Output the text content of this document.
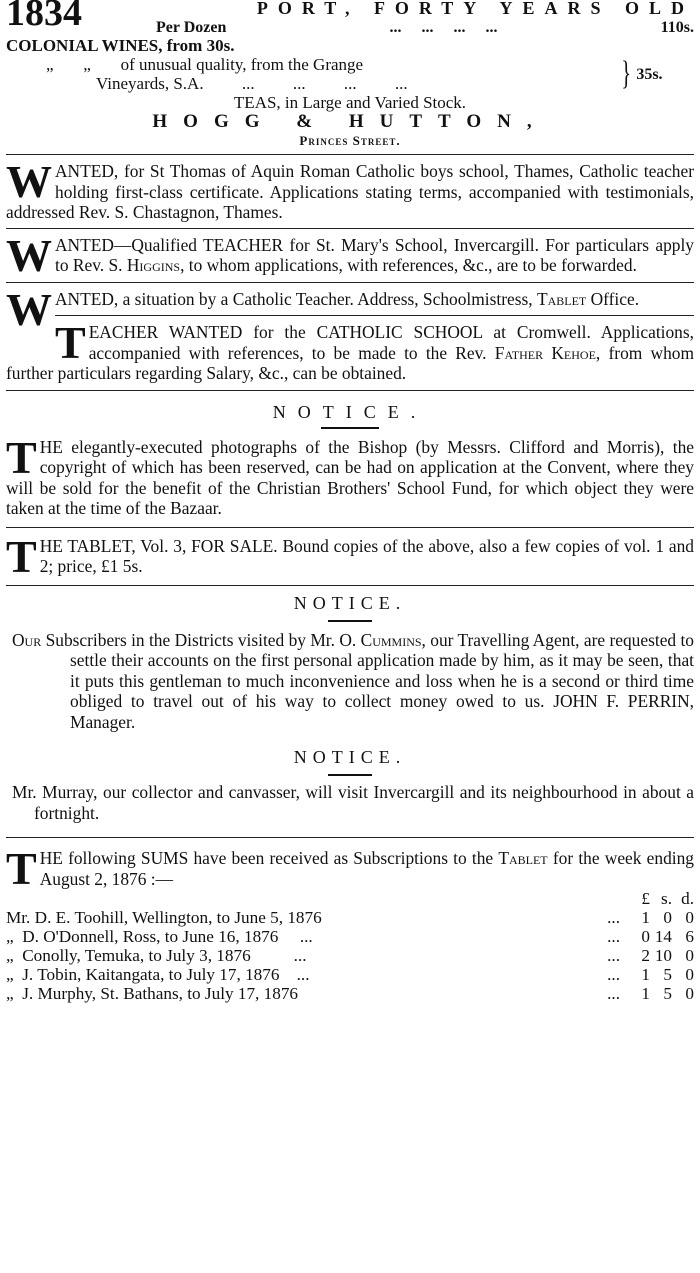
1834	PORT, FORTY YEARS OLD
Per Dozen	...     ...     ...     ...	110s.
COLONIAL WINES, from 30s.
„       „       of unusual quality, from the Grange
Vineyards, S.A.         ...         ...         ...         ...	} 35s.
TEAS, in Large and Varied Stock.
HOGG & HUTTON,
Princes Street.
W ANTED, for St Thomas of Aquin Roman Catholic boys school, Thames, Catholic teacher holding first-class certificate. Applications stating terms, accompanied with testimonials, addressed Rev. S. Chastagnon, Thames.
W ANTED—Qualified TEACHER for St. Mary's School, Invercargill. For particulars apply to Rev. S. Higgins, to whom applications, with references, &c., are to be forwarded.
W ANTED, a situation by a Catholic Teacher. Address, Schoolmistress, Tablet Office.
T EACHER WANTED for the CATHOLIC SCHOOL at Cromwell. Applications, accompanied with references, to be made to the Rev. Father Kehoe, from whom further particulars regarding Salary, &c., can be obtained.
NOTICE.
T HE elegantly-executed photographs of the Bishop (by Messrs. Clifford and Morris), the copyright of which has been reserved, can be had on application at the Convent, where they will be sold for the benefit of the Christian Brothers' School Fund, for which object they were taken at the time of the Bazaar.
T HE TABLET, Vol. 3, FOR SALE. Bound copies of the above, also a few copies of vol. 1 and 2; price, £1 5s.
NOTICE.

Our Subscribers in the Districts visited by Mr. O. Cummins, our Travelling Agent, are requested to settle their accounts on the first personal application made by him, as it may be seen, that it puts this gentleman to much inconvenience and loss when he is a second or third time obliged to travel out of his way to collect money owed to us. JOHN F. PERRIN, Manager.

NOTICE.

Mr. Murray, our collector and canvasser, will visit Invercargill and its neighbourhood in about a fortnight.

T HE following SUMS have been received as Subscriptions to the Tablet for the week ending August 2, 1876 :—
		£	s.	d.
Mr. D. E. Toohill, Wellington, to June 5, 1876	...	1	0	0
„  D. O'Donnell, Ross, to June 16, 1876     ...	...	0	14	6
„  Conolly, Temuka, to July 3, 1876          ...	...	2	10	0
„  J. Tobin, Kaitangata, to July 17, 1876    ...	...	1	5	0
„  J. Murphy, St. Bathans, to July 17, 1876	...	1	5	0
